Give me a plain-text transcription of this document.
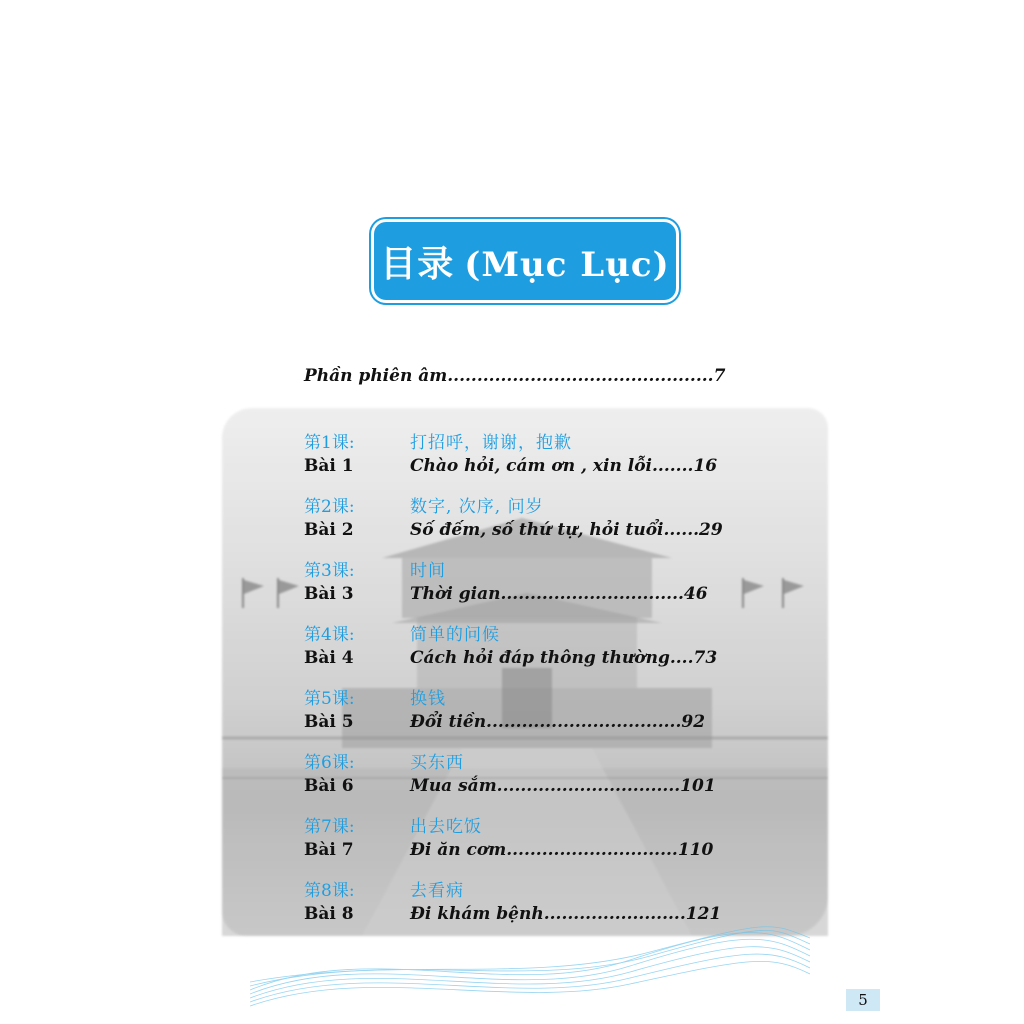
目录 (Mục Lục)
Phần phiên âm.............................................7
第1课:	打招呼，谢谢，抱歉
Bài 1	Chào hỏi, cám ơn , xin lỗi.......16
第2课:	数字, 次序, 问岁
Bài 2	Số đếm, số thứ tự, hỏi tuổi......29
第3课:	时间
Bài 3	Thời gian...............................46
第4课:	简单的问候
Bài 4	Cách hỏi đáp thông thường....73
第5课:	换钱
Bài 5	Đổi tiền.................................92
第6课:	买东西
Bài 6	Mua sắm...............................101
第7课:	出去吃饭
Bài 7	Đi ăn cơm.............................110
第8课:	去看病
Bài 8	Đi khám bệnh........................121
5
